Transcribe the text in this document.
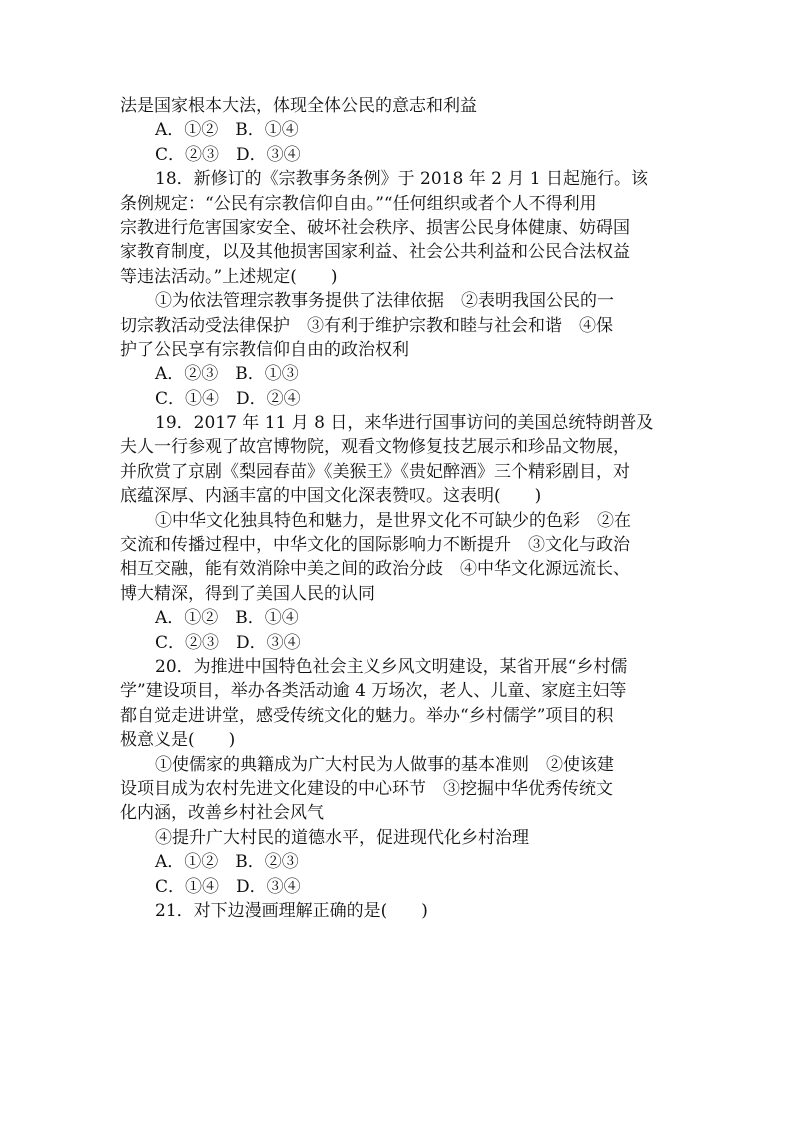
法是国家根本大法，体现全体公民的意志和利益
A．①②　B．①④
C．②③　D．③④
18．新修订的《宗教事务条例》于 2018 年 2 月 1 日起施行。该
条例规定：“公民有宗教信仰自由。”“任何组织或者个人不得利用
宗教进行危害国家安全、破坏社会秩序、损害公民身体健康、妨碍国
家教育制度，以及其他损害国家利益、社会公共利益和公民合法权益
等违法活动。”上述规定(　　)
①为依法管理宗教事务提供了法律依据　②表明我国公民的一
切宗教活动受法律保护　③有利于维护宗教和睦与社会和谐　④保
护了公民享有宗教信仰自由的政治权利
A．②③　B．①③
C．①④　D．②④
19．2017 年 11 月 8 日，来华进行国事访问的美国总统特朗普及
夫人一行参观了故宫博物院，观看文物修复技艺展示和珍品文物展，
并欣赏了京剧《梨园春苗》《美猴王》《贵妃醉酒》三个精彩剧目，对
底蕴深厚、内涵丰富的中国文化深表赞叹。这表明(　　)
①中华文化独具特色和魅力，是世界文化不可缺少的色彩　②在
交流和传播过程中，中华文化的国际影响力不断提升　③文化与政治
相互交融，能有效消除中美之间的政治分歧　④中华文化源远流长、
博大精深，得到了美国人民的认同
A．①②　B．①④
C．②③　D．③④
20．为推进中国特色社会主义乡风文明建设，某省开展“乡村儒
学”建设项目，举办各类活动逾 4 万场次，老人、儿童、家庭主妇等
都自觉走进讲堂，感受传统文化的魅力。举办“乡村儒学”项目的积
极意义是(　　)
①使儒家的典籍成为广大村民为人做事的基本准则　②使该建
设项目成为农村先进文化建设的中心环节　③挖掘中华优秀传统文
化内涵，改善乡村社会风气
④提升广大村民的道德水平，促进现代化乡村治理
A．①②　B．②③
C．①④　D．③④
21．对下边漫画理解正确的是(　　)
